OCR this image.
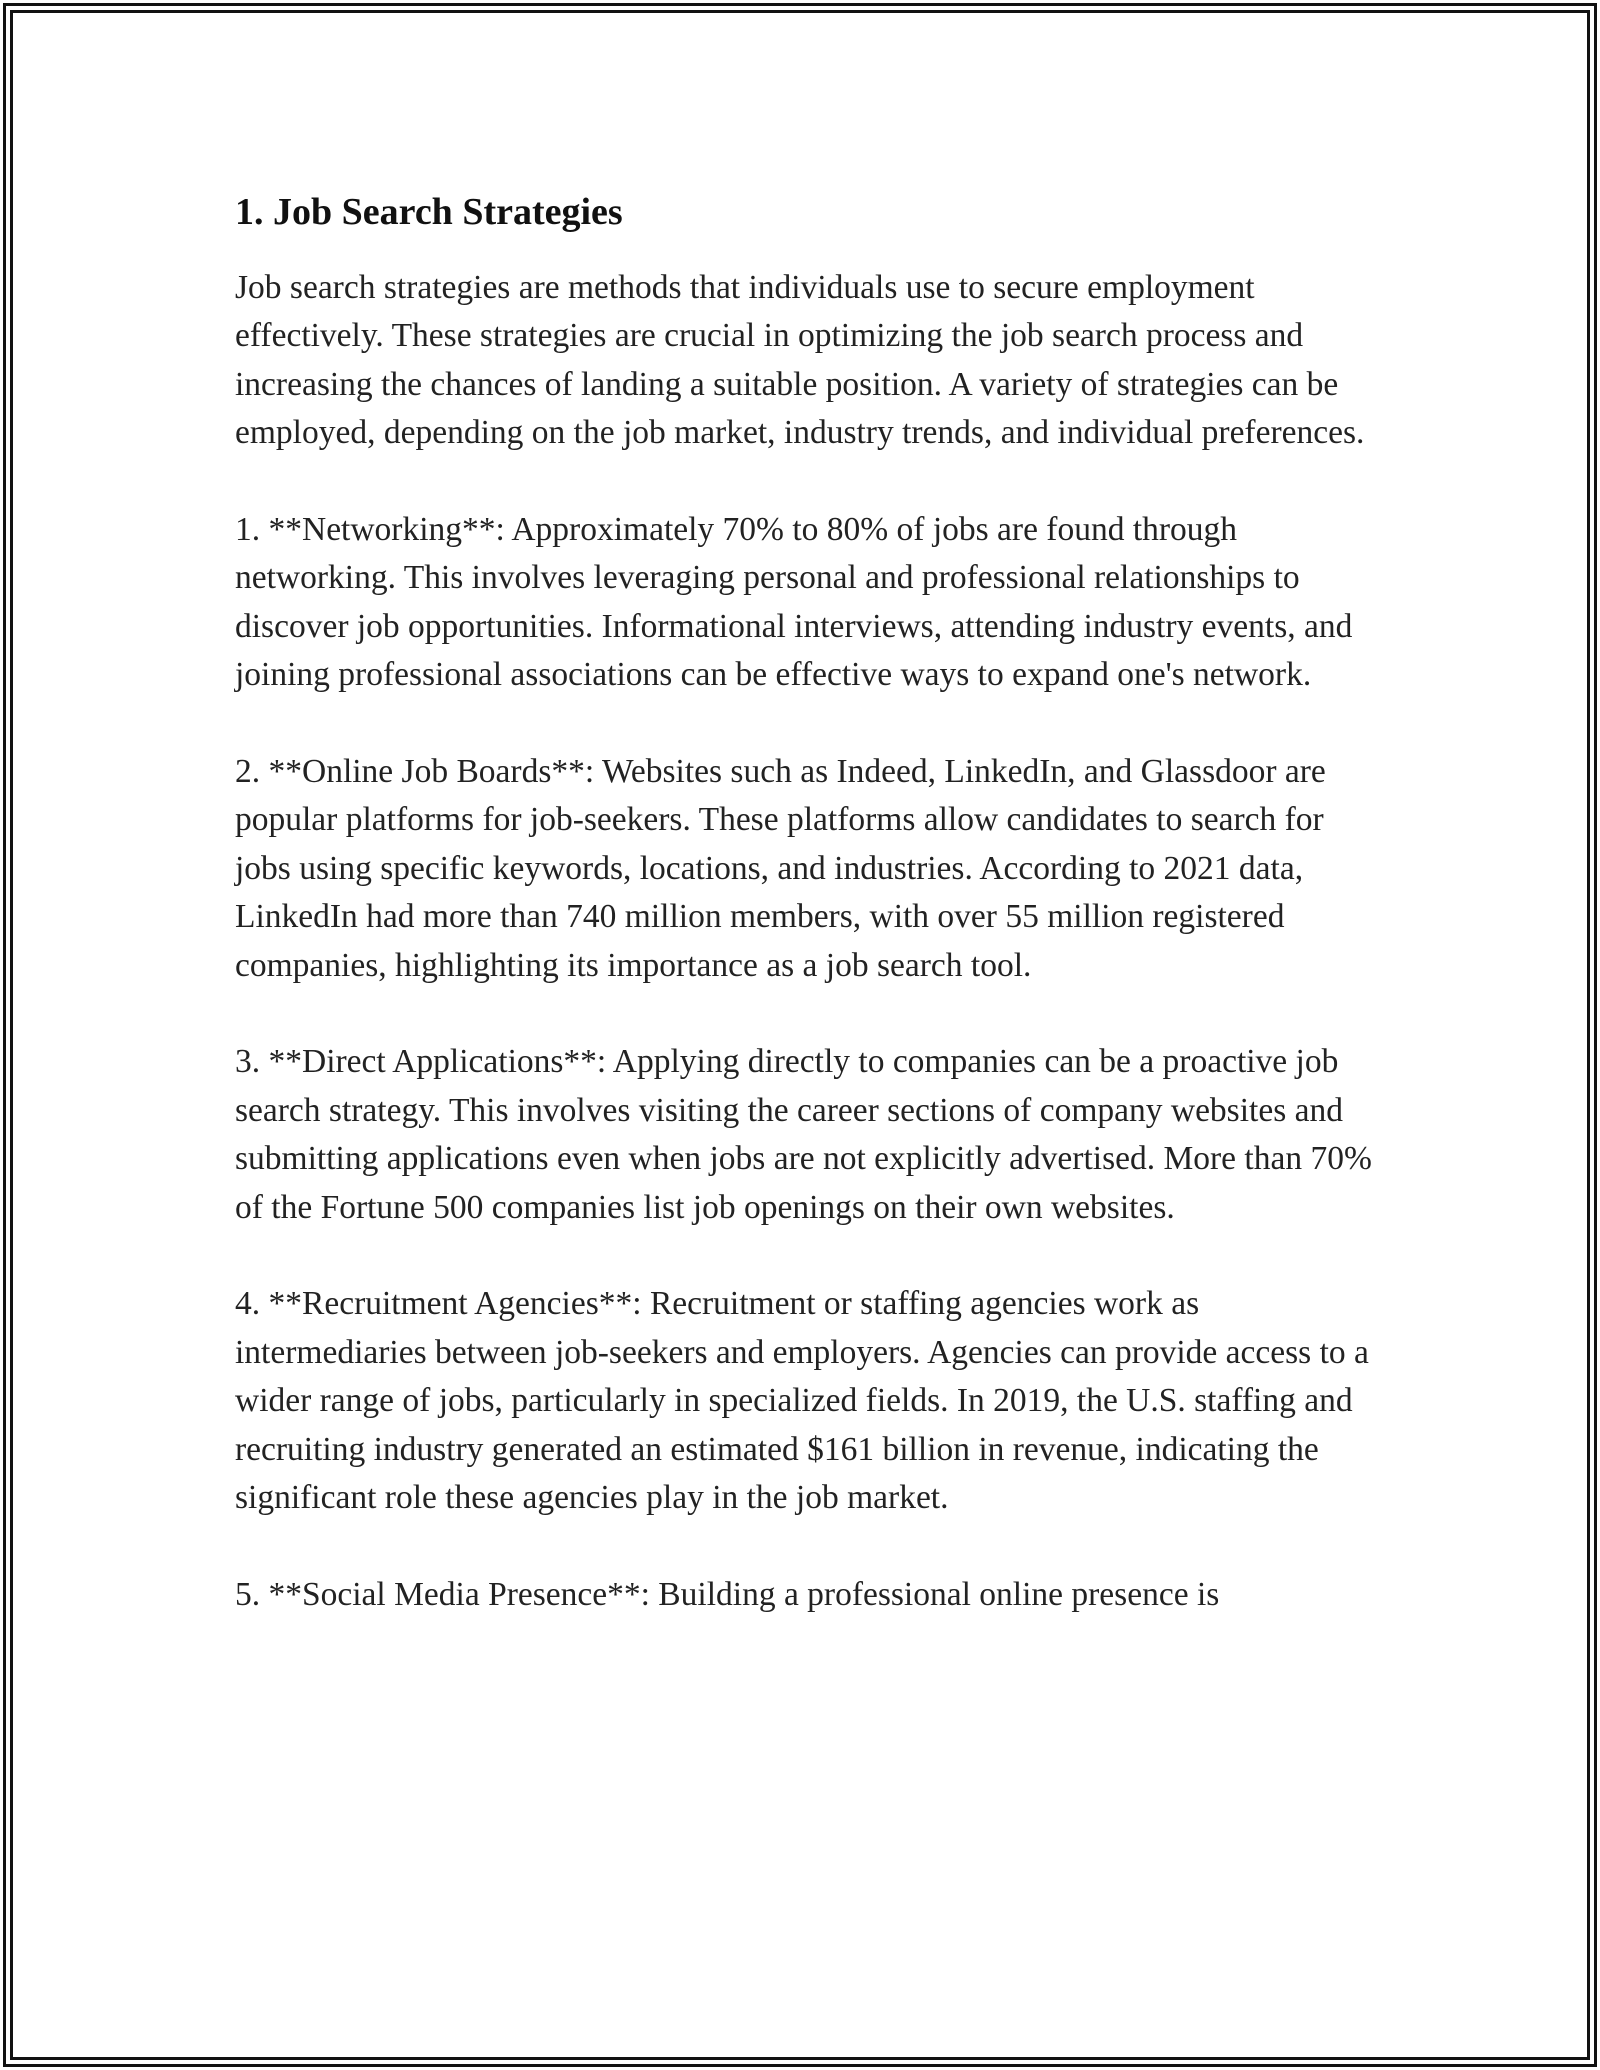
1. Job Search Strategies

Job search strategies are methods that individuals use to secure employment effectively. These strategies are crucial in optimizing the job search process and increasing the chances of landing a suitable position. A variety of strategies can be employed, depending on the job market, industry trends, and individual preferences.

1. **Networking**: Approximately 70% to 80% of jobs are found through networking. This involves leveraging personal and professional relationships to discover job opportunities. Informational interviews, attending industry events, and joining professional associations can be effective ways to expand one's network.

2. **Online Job Boards**: Websites such as Indeed, LinkedIn, and Glassdoor are popular platforms for job-seekers. These platforms allow candidates to search for jobs using specific keywords, locations, and industries. According to 2021 data, LinkedIn had more than 740 million members, with over 55 million registered companies, highlighting its importance as a job search tool.

3. **Direct Applications**: Applying directly to companies can be a proactive job search strategy. This involves visiting the career sections of company websites and submitting applications even when jobs are not explicitly advertised. More than 70% of the Fortune 500 companies list job openings on their own websites.

4. **Recruitment Agencies**: Recruitment or staffing agencies work as intermediaries between job-seekers and employers. Agencies can provide access to a wider range of jobs, particularly in specialized fields. In 2019, the U.S. staffing and recruiting industry generated an estimated $161 billion in revenue, indicating the significant role these agencies play in the job market.

5. **Social Media Presence**: Building a professional online presence is
